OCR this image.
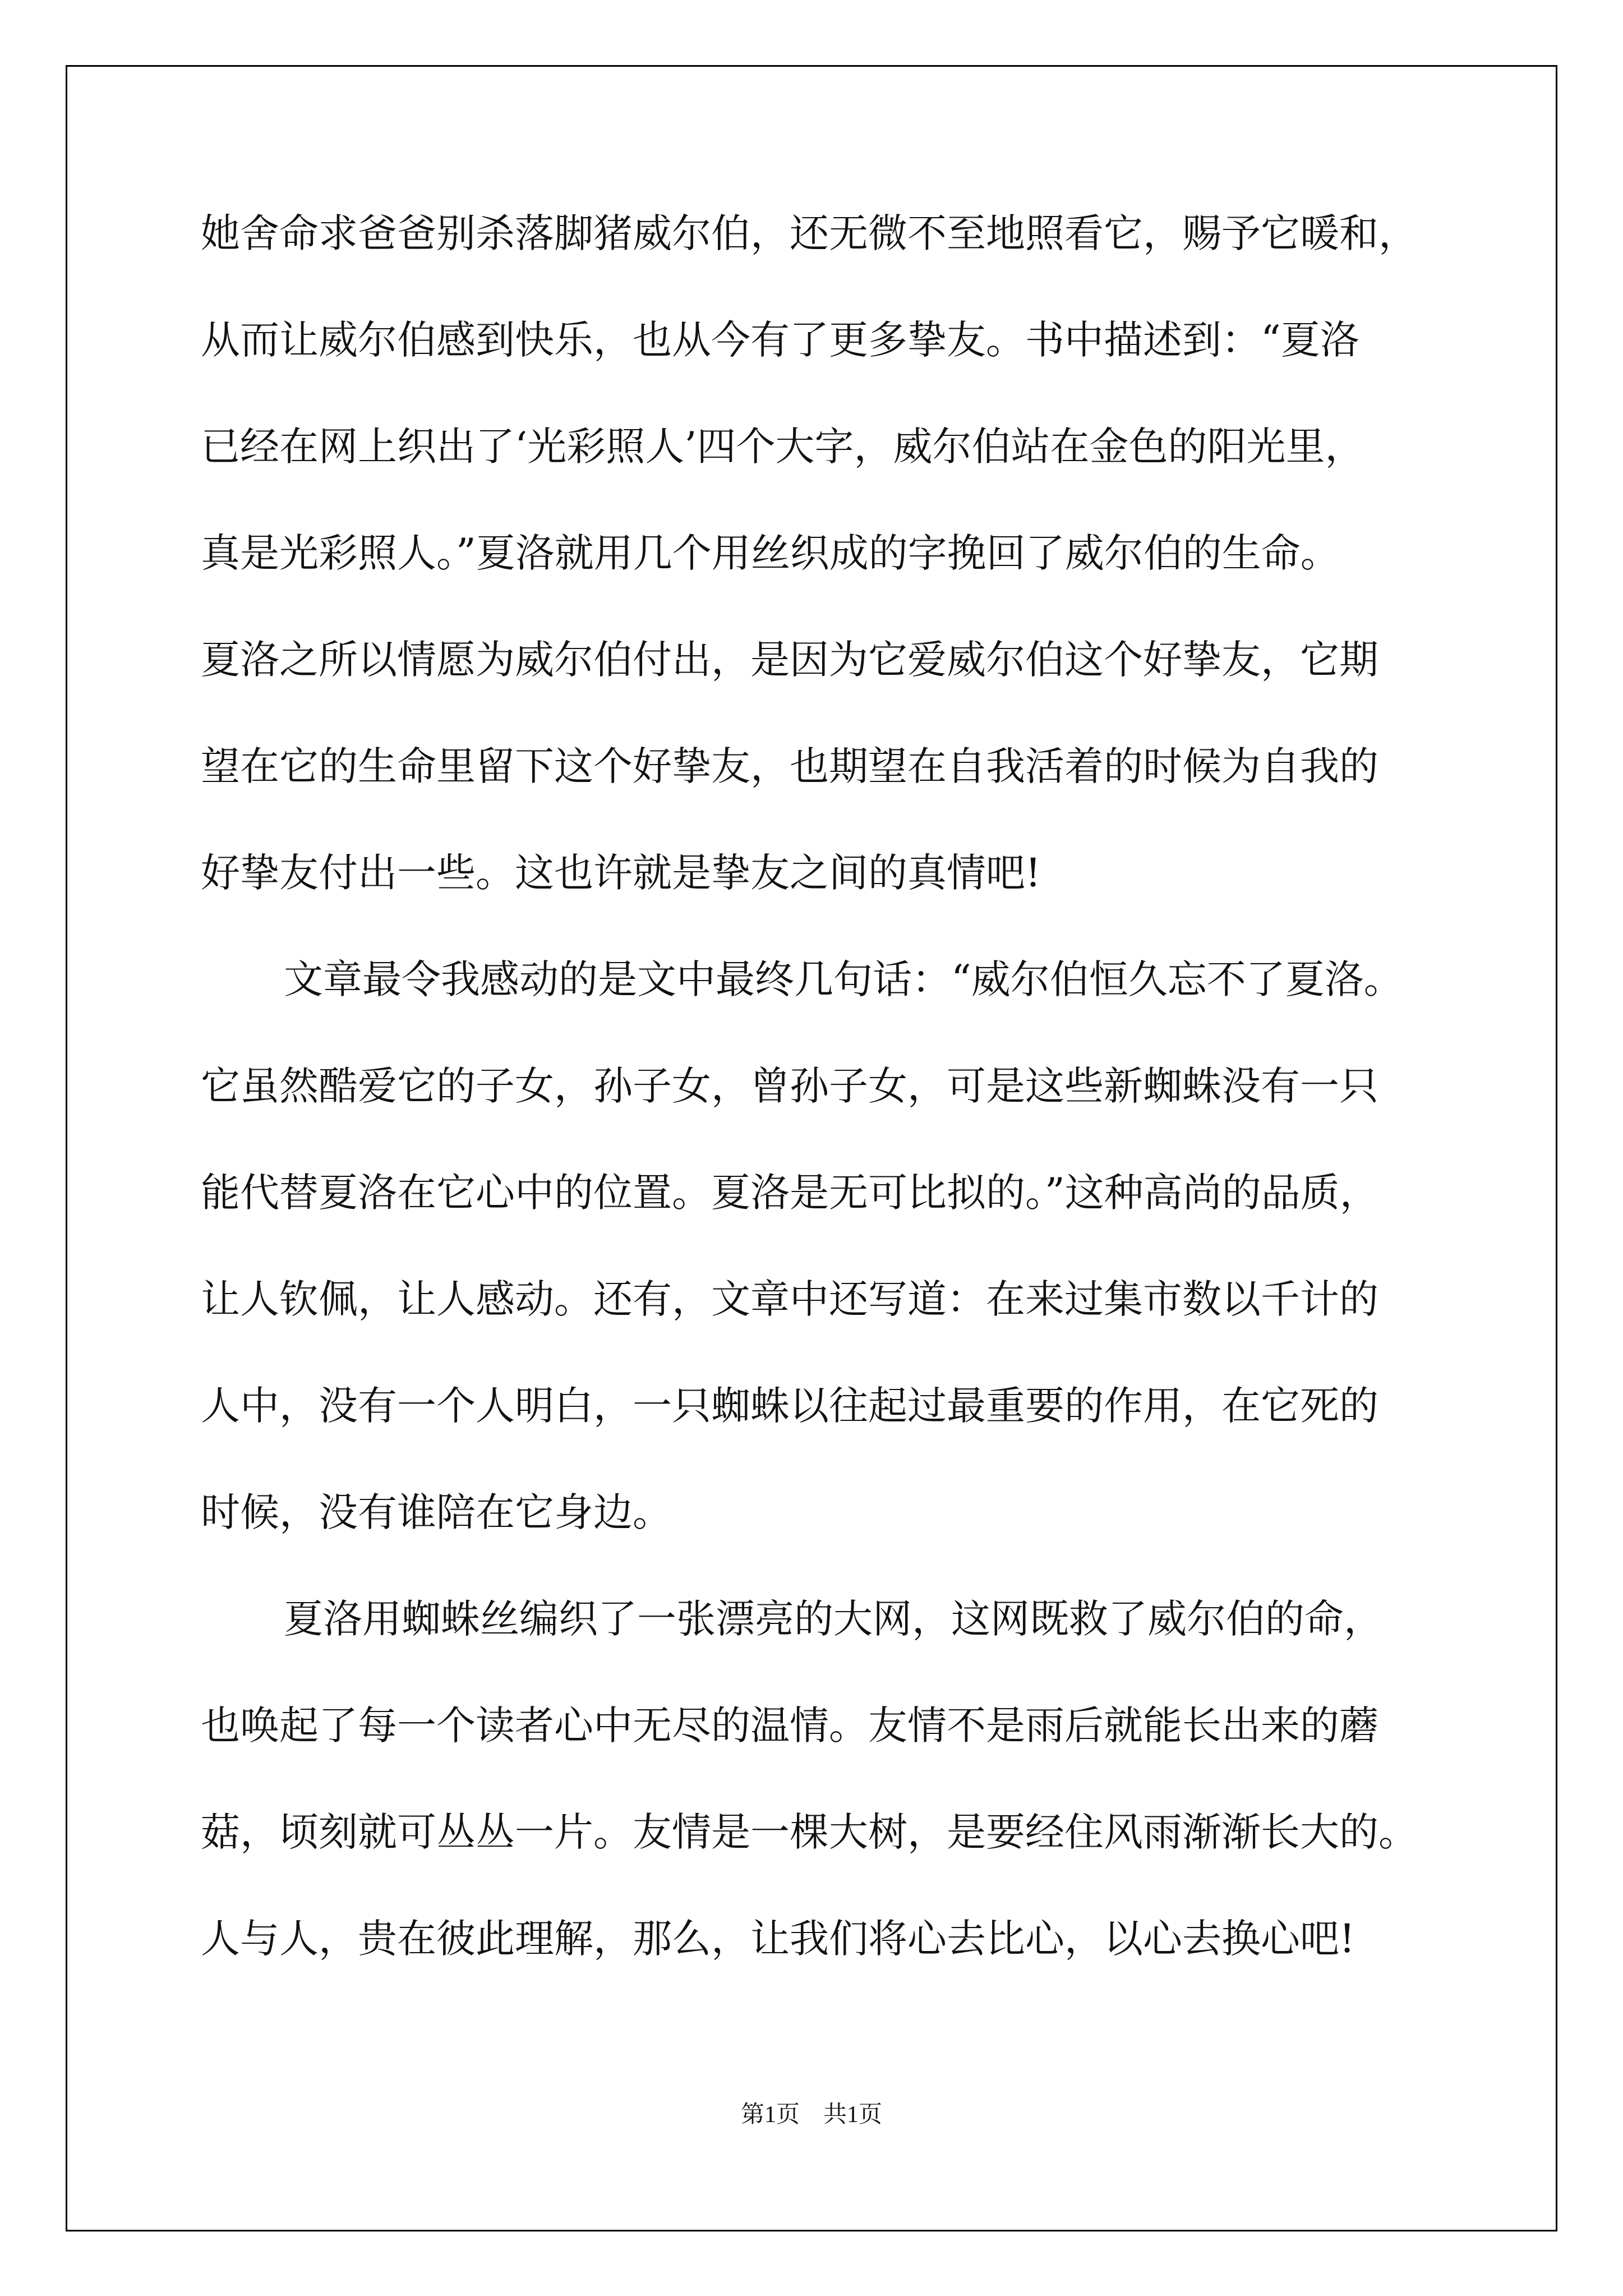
她舍命求爸爸别杀落脚猪威尔伯，还无微不至地照看它，赐予它暖和，
从而让威尔伯感到快乐，也从今有了更多挚友。书中描述到：“夏洛
已经在网上织出了‘光彩照人’四个大字，威尔伯站在金色的阳光里，
真是光彩照人。”夏洛就用几个用丝织成的字挽回了威尔伯的生命。
夏洛之所以情愿为威尔伯付出，是因为它爱威尔伯这个好挚友，它期
望在它的生命里留下这个好挚友，也期望在自我活着的时候为自我的
好挚友付出一些。这也许就是挚友之间的真情吧!
文章最令我感动的是文中最终几句话：“威尔伯恒久忘不了夏洛。
它虽然酷爱它的子女，孙子女，曾孙子女，可是这些新蜘蛛没有一只
能代替夏洛在它心中的位置。夏洛是无可比拟的。”这种高尚的品质，
让人钦佩，让人感动。还有，文章中还写道：在来过集市数以千计的
人中，没有一个人明白，一只蜘蛛以往起过最重要的作用，在它死的
时候，没有谁陪在它身边。
夏洛用蜘蛛丝编织了一张漂亮的大网，这网既救了威尔伯的命，
也唤起了每一个读者心中无尽的温情。友情不是雨后就能长出来的蘑
菇，顷刻就可丛丛一片。友情是一棵大树，是要经住风雨渐渐长大的。
人与人，贵在彼此理解，那么，让我们将心去比心，以心去换心吧!
第1页　共1页
